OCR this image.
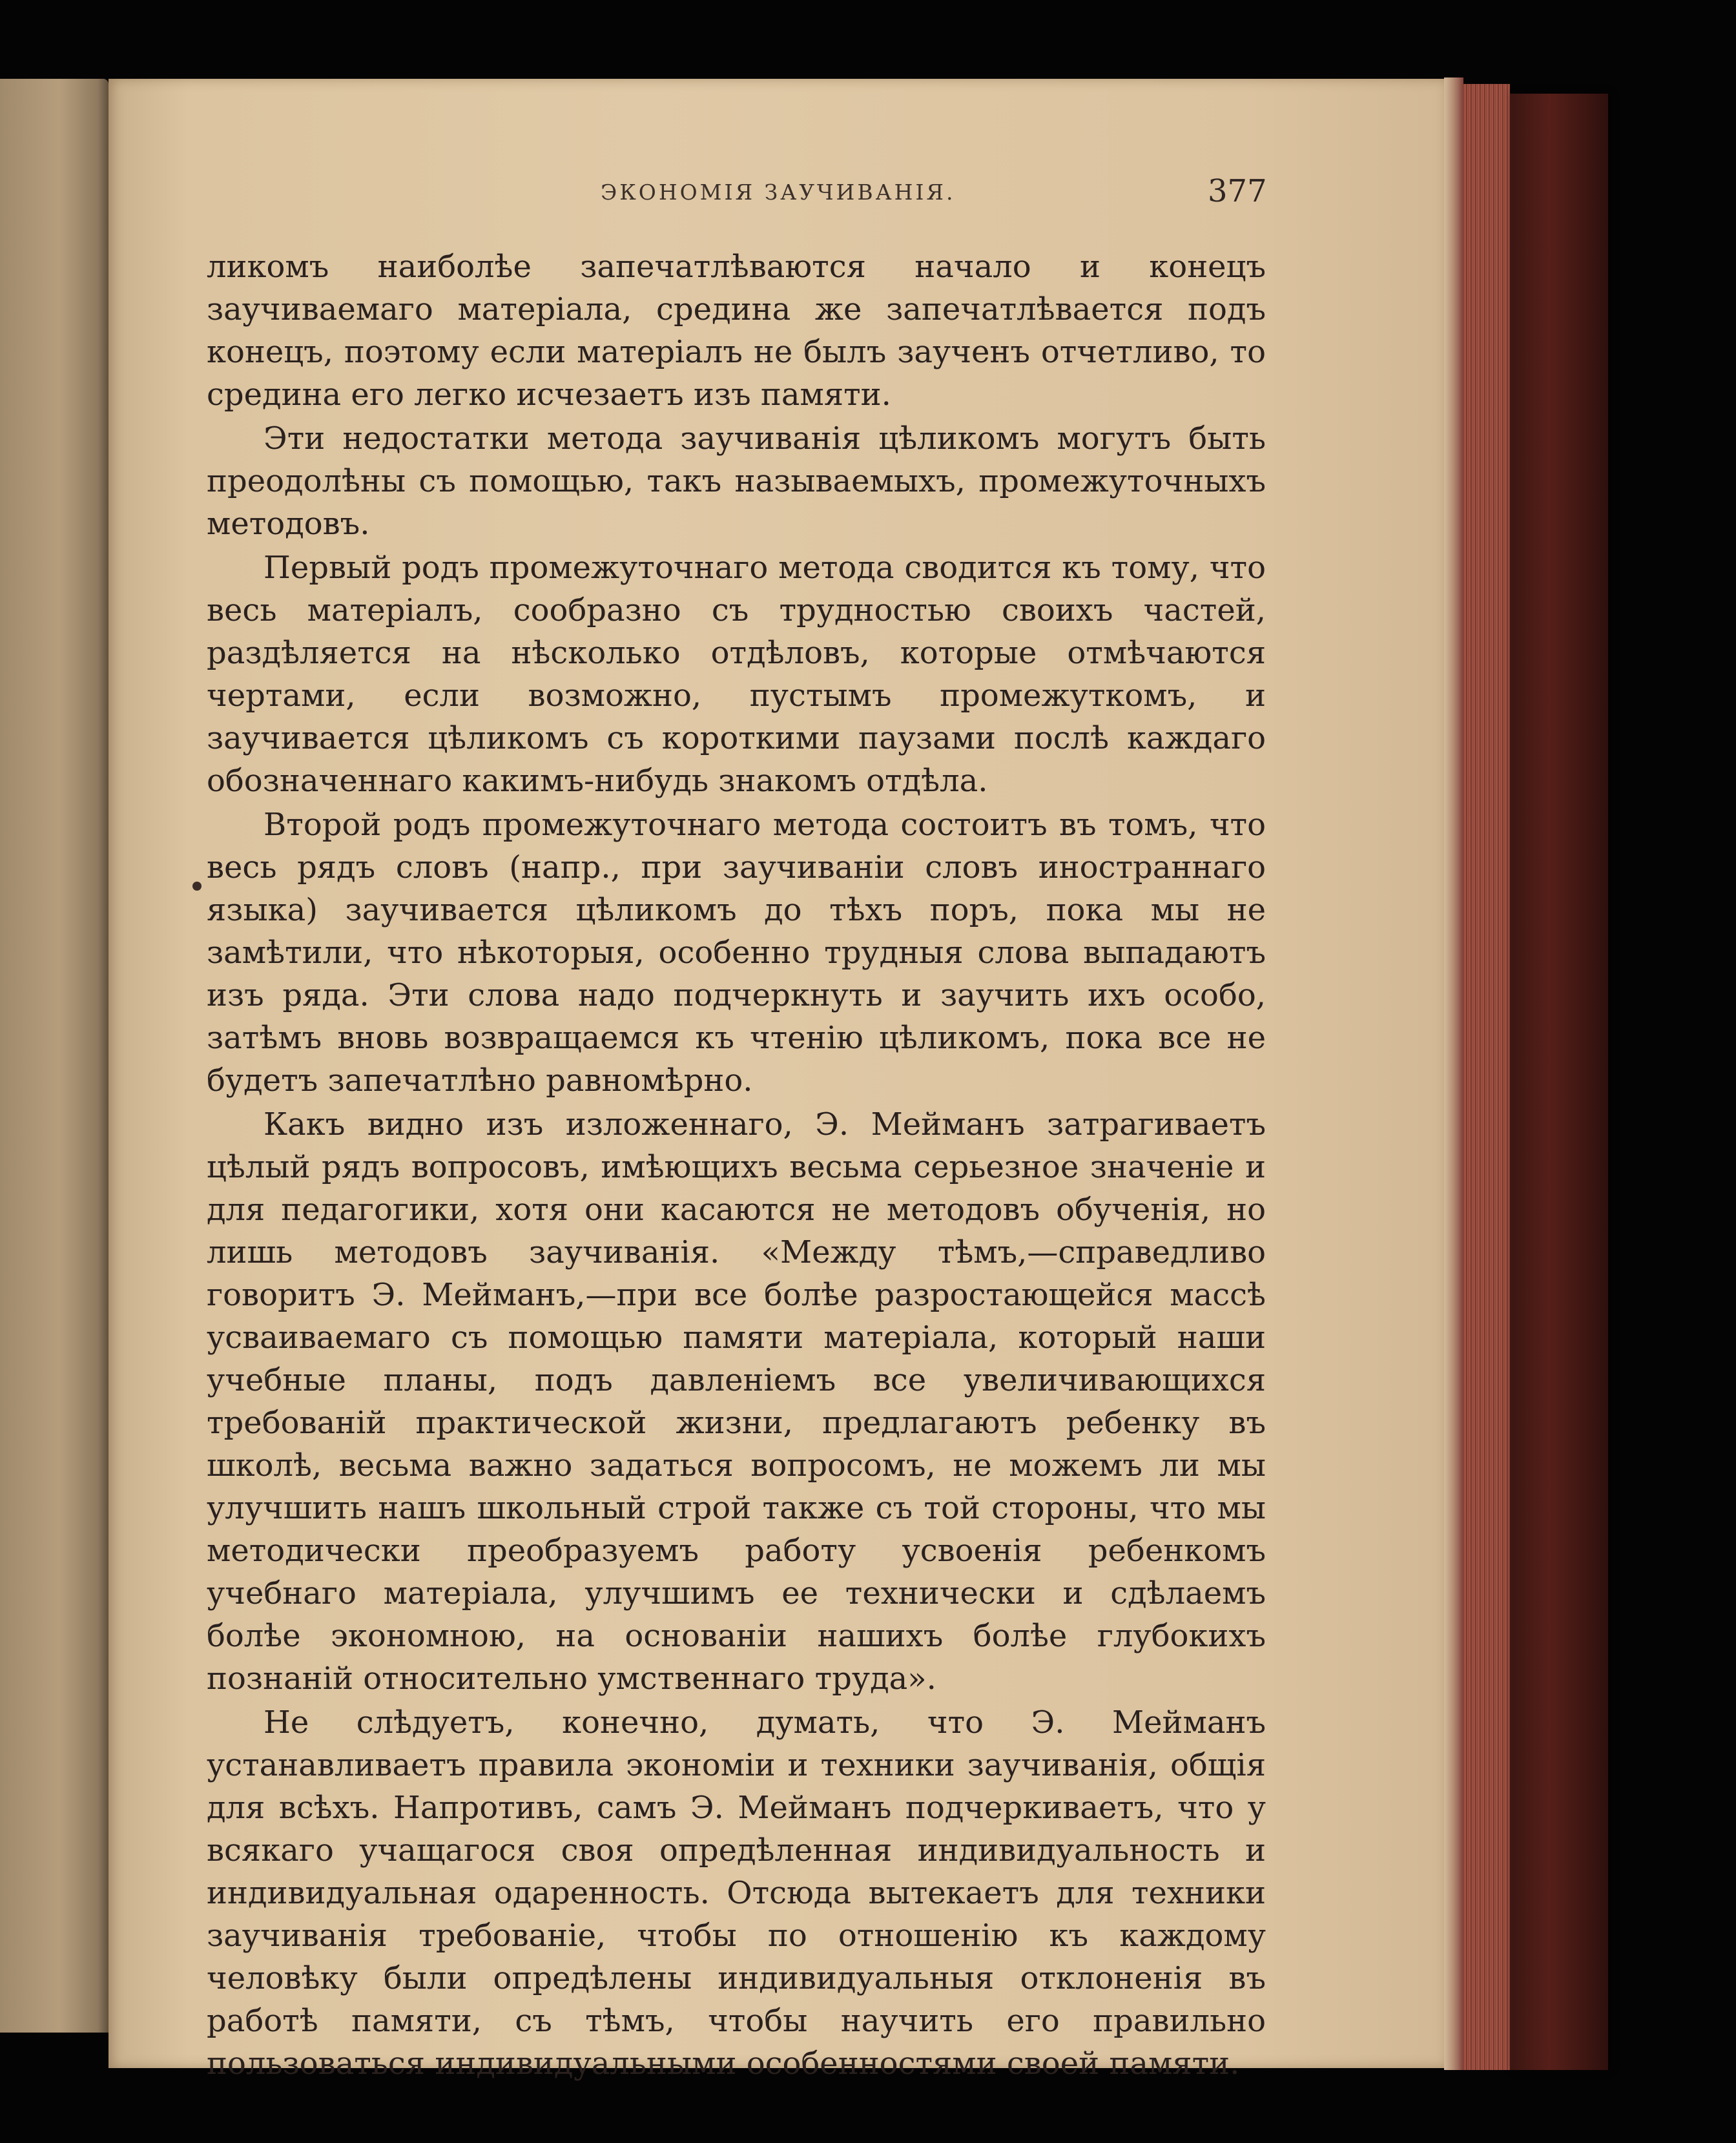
ЭКОНОМІЯ ЗАУЧИВАНІЯ.	377

ликомъ наиболѣе запечатлѣваются начало и конецъ заучиваемаго матеріала, средина же запечатлѣвается подъ конецъ, поэтому если матеріалъ не былъ заученъ отчетливо, то средина его легко исчезаетъ изъ памяти.

Эти недостатки метода заучиванія цѣликомъ могутъ быть преодолѣны съ помощью, такъ называемыхъ, промежуточныхъ методовъ.

Первый родъ промежуточнаго метода сводится къ тому, что весь матеріалъ, сообразно съ трудностью своихъ частей, раздѣляется на нѣсколько отдѣловъ, которые отмѣчаются чертами, если возможно, пустымъ промежуткомъ, и заучивается цѣликомъ съ короткими паузами послѣ каждаго обозначеннаго какимъ-нибудь знакомъ отдѣла.

Второй родъ промежуточнаго метода состоитъ въ томъ, что весь рядъ словъ (напр., при заучиваніи словъ иностраннаго языка) заучивается цѣликомъ до тѣхъ поръ, пока мы не замѣтили, что нѣкоторыя, особенно трудныя слова выпадаютъ изъ ряда. Эти слова надо подчеркнуть и заучить ихъ особо, затѣмъ вновь возвращаемся къ чтенію цѣликомъ, пока все не будетъ запечатлѣно равномѣрно.

Какъ видно изъ изложеннаго, Э. Мейманъ затрагиваетъ цѣлый рядъ вопросовъ, имѣющихъ весьма серьезное значеніе и для педагогики, хотя они касаются не методовъ обученія, но лишь методовъ заучиванія. «Между тѣмъ,—справедливо говоритъ Э. Мейманъ,—при все болѣе разростающейся массѣ усваиваемаго съ помощью памяти матеріала, который наши учебные планы, подъ давленіемъ все увеличивающихся требованій практической жизни, предлагаютъ ребенку въ школѣ, весьма важно задаться вопросомъ, не можемъ ли мы улучшить нашъ школьный строй также съ той стороны, что мы методически преобразуемъ работу усвоенія ребенкомъ учебнаго матеріала, улучшимъ ее технически и сдѣлаемъ болѣе экономною, на основаніи нашихъ болѣе глубокихъ познаній относительно умственнаго труда».

Не слѣдуетъ, конечно, думать, что Э. Мейманъ устанавливаетъ правила экономіи и техники заучиванія, общія для всѣхъ. Напротивъ, самъ Э. Мейманъ подчеркиваетъ, что у всякаго учащагося своя опредѣленная индивидуальность и индивидуальная одаренность. Отсюда вытекаетъ для техники заучиванія требованіе, чтобы по отношенію къ каждому человѣку были опредѣлены индивидуальныя отклоненія въ работѣ памяти, съ тѣмъ, чтобы научить его правильно пользоваться индивидуальными особенностями своей памяти.
